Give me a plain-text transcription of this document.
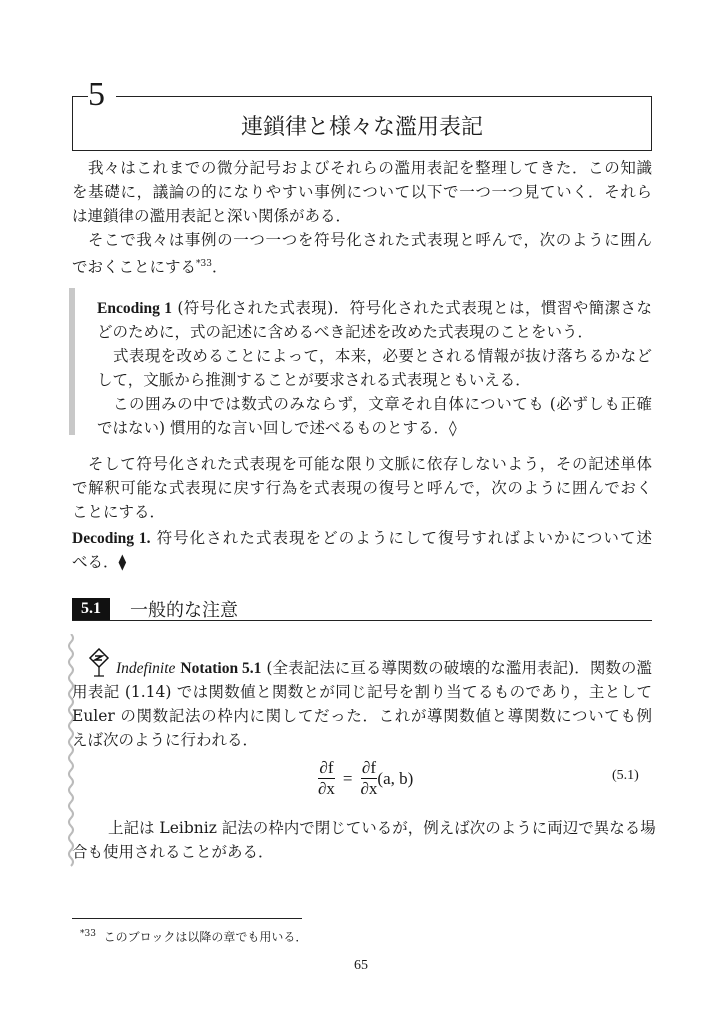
5
連鎖律と様々な濫用表記
我々はこれまでの微分記号およびそれらの濫用表記を整理してきた．この知識
を基礎に，議論の的になりやすい事例について以下で一つ一つ見ていく．それら
は連鎖律の濫用表記と深い関係がある．
そこで我々は事例の一つ一つを符号化された式表現と呼んで，次のように囲ん
でおくことにする$^{*33}$．
Encoding 1 (符号化された式表現)．符号化された式表現とは，慣習や簡潔さな
どのために，式の記述に含めるべき記述を改めた式表現のことをいう．
式表現を改めることによって，本来，必要とされる情報が抜け落ちるかなど
して，文脈から推測することが要求される式表現ともいえる．
この囲みの中では数式のみならず，文章それ自体についても (必ずしも正確
ではない) 慣用的な言い回しで述べるものとする．◊
そして符号化された式表現を可能な限り文脈に依存しないよう，その記述単体
で解釈可能な式表現に戻す行為を式表現の復号と呼んで，次のように囲んでおく
ことにする．
Decoding 1. 符号化された式表現をどのようにして復号すればよいかについて述
べる．⧫
5.1	一般的な注意
Indefinite Notation 5.1 (全表記法に亘る導関数の破壊的な濫用表記)．関数の濫
用表記 (1.14) では関数値と関数とが同じ記号を割り当てるものであり，主として
Euler の関数記法の枠内に関してだった．これが導関数値と導関数についても例
えば次のように行われる．
$\frac{\partial f}{\partial x} = \frac{\partial f}{\partial x} (a$, b)	(5.1)
上記は Leibniz 記法の枠内で閉じているが，例えば次のように両辺で異なる場
合も使用されることがある．
$^{*33}$ このブロックは以降の章でも用いる．
65
